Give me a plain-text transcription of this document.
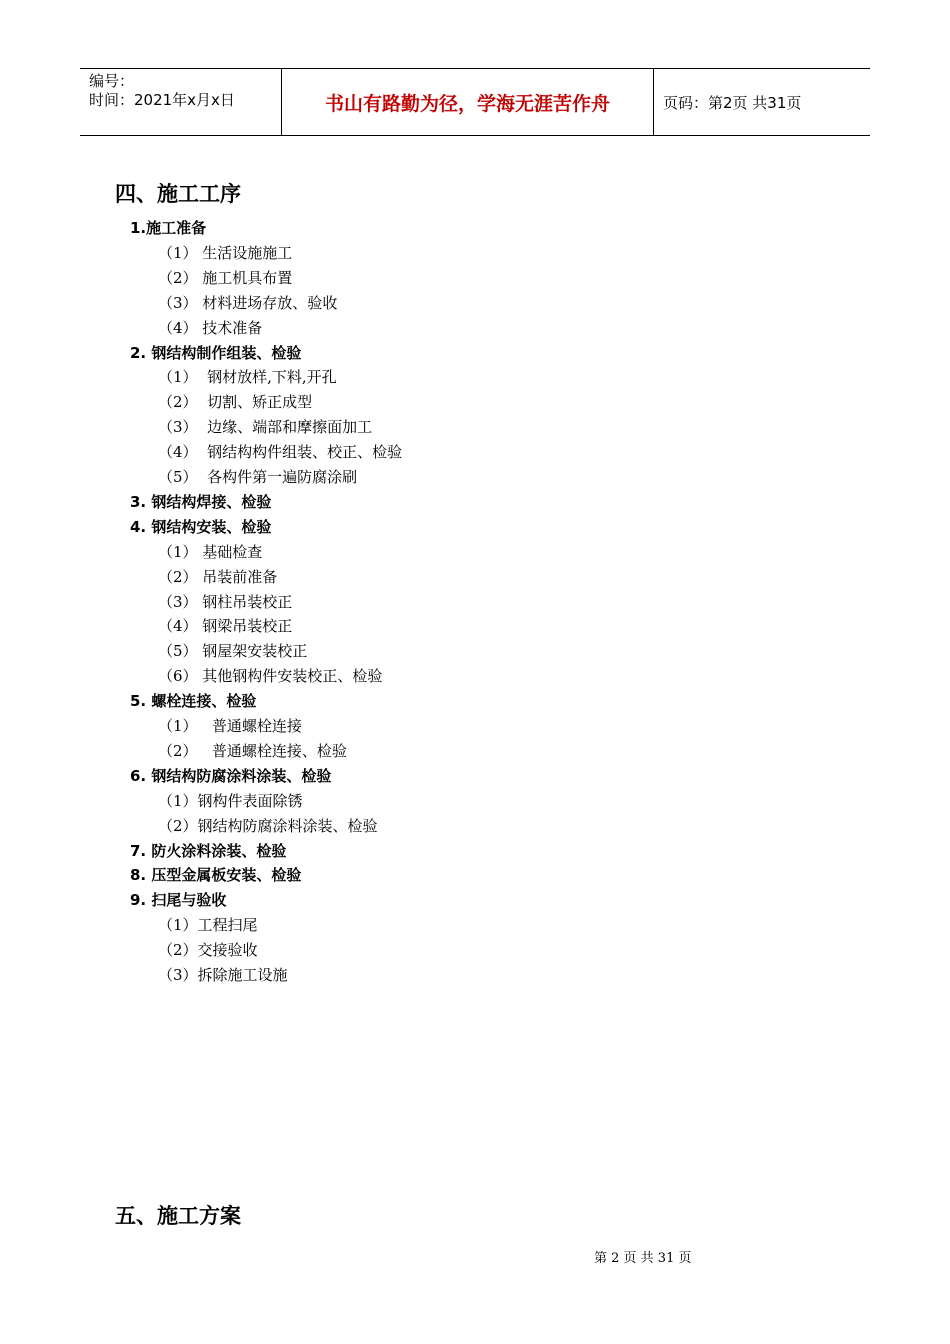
编号：
时间：2021年x月x日	书山有路勤为径，学海无涯苦作舟	页码：第2页 共31页
四、施工工序
1.施工准备
（1） 生活设施施工
（2） 施工机具布置
（3） 材料进场存放、验收
（4） 技术准备
2. 钢结构制作组装、检验
（1）  钢材放样,下料,开孔
（2）  切割、矫正成型
（3）  边缘、端部和摩擦面加工
（4）  钢结构构件组装、校正、检验
（5）  各构件第一遍防腐涂刷
3. 钢结构焊接、检验
4. 钢结构安装、检验
（1） 基础检查
（2） 吊装前准备
（3） 钢柱吊装校正
（4） 钢梁吊装校正
（5） 钢屋架安装校正
（6） 其他钢构件安装校正、检验
5. 螺栓连接、检验
（1）   普通螺栓连接
（2）   普通螺栓连接、检验
6. 钢结构防腐涂料涂装、检验
（1）钢构件表面除锈
（2）钢结构防腐涂料涂装、检验
7. 防火涂料涂装、检验
8. 压型金属板安装、检验
9. 扫尾与验收
（1）工程扫尾
（2）交接验收
（3）拆除施工设施
五、施工方案
第 2 页 共 31 页
